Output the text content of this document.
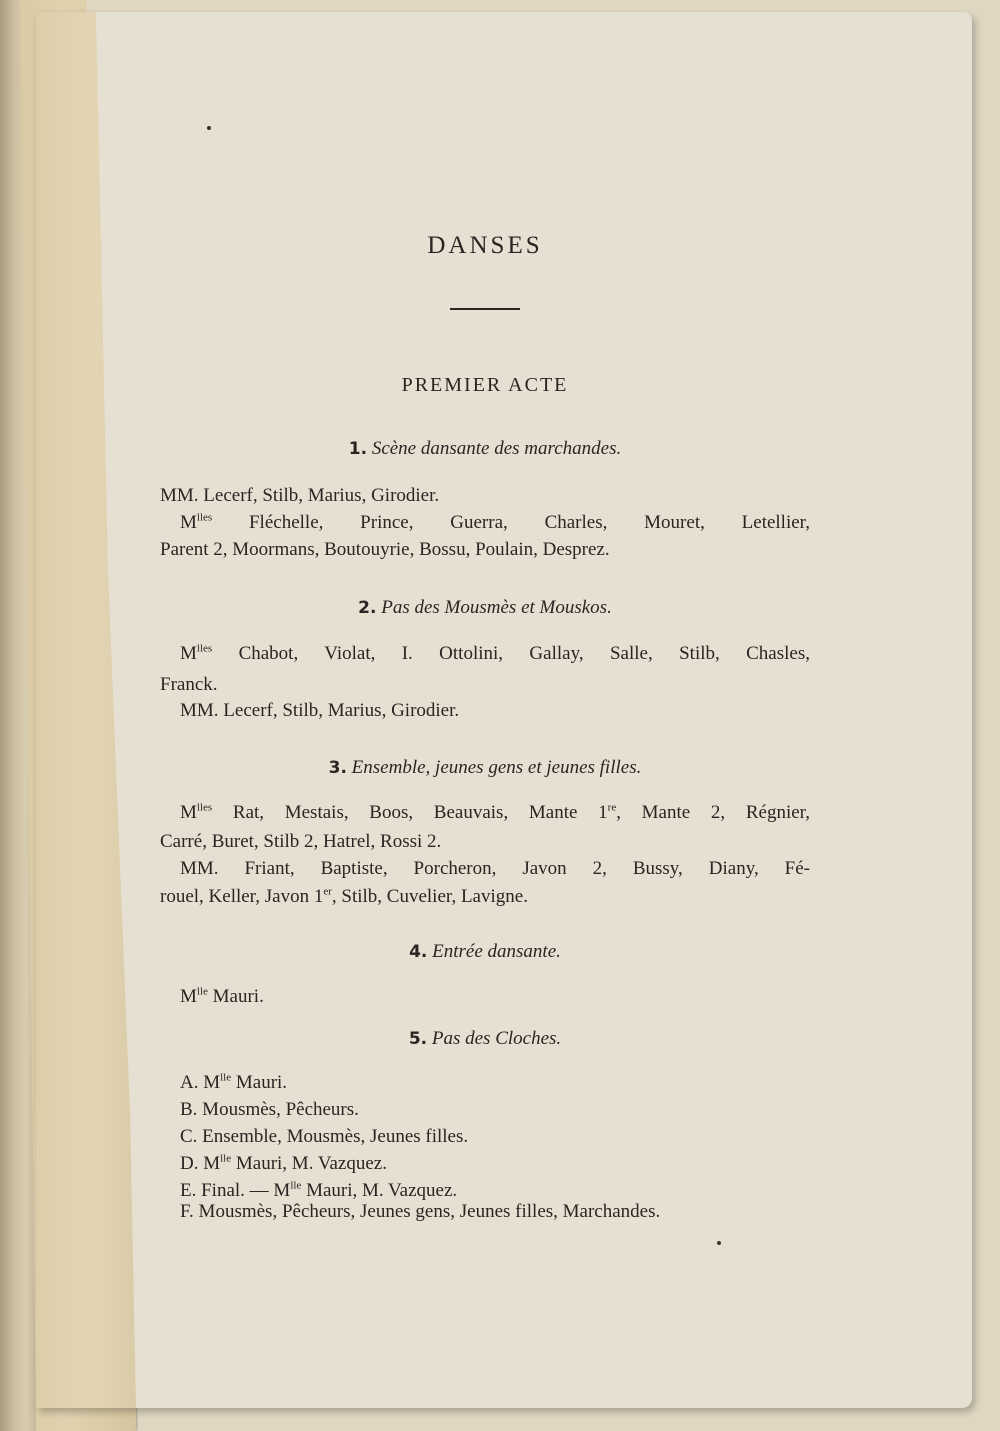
DANSES
PREMIER ACTE
1. Scène dansante des marchandes.
MM. Lecerf, Stilb, Marius, Girodier.
$M^{lles}$ Fléchelle, Prince, Guerra, Charles, Mouret, Letellier,
Parent 2, Moormans, Boutouyrie, Bossu, Poulain, Desprez.
2. Pas des Mousmès et Mouskos.
$M^{lles}$ Chabot, Violat, I. Ottolini, Gallay, Salle, Stilb, Chasles,
Franck.
MM. Lecerf, Stilb, Marius, Girodier.
3. Ensemble, jeunes gens et jeunes filles.
$M^{lles}$ Rat, Mestais, Boos, Beauvais, Mante 1re, Mante 2, Régnier,
Carré, Buret, Stilb 2, Hatrel, Rossi 2.
MM. Friant, Baptiste, Porcheron, Javon 2, Bussy, Diany, Fé-
rouel, Keller, Javon 1er, Stilb, Cuvelier, Lavigne.
4. Entrée dansante.
$M^{lle}$ Mauri.
5. Pas des Cloches.
A. $M^{lle}$ Mauri.
B. Mousmès, Pêcheurs.
C. Ensemble, Mousmès, Jeunes filles.
D. $M^{lle}$ Mauri, M. Vazquez.
E. Final. — $M^{lle}$ Mauri, M. Vazquez.
F. Mousmès, Pêcheurs, Jeunes gens, Jeunes filles, Marchandes.
